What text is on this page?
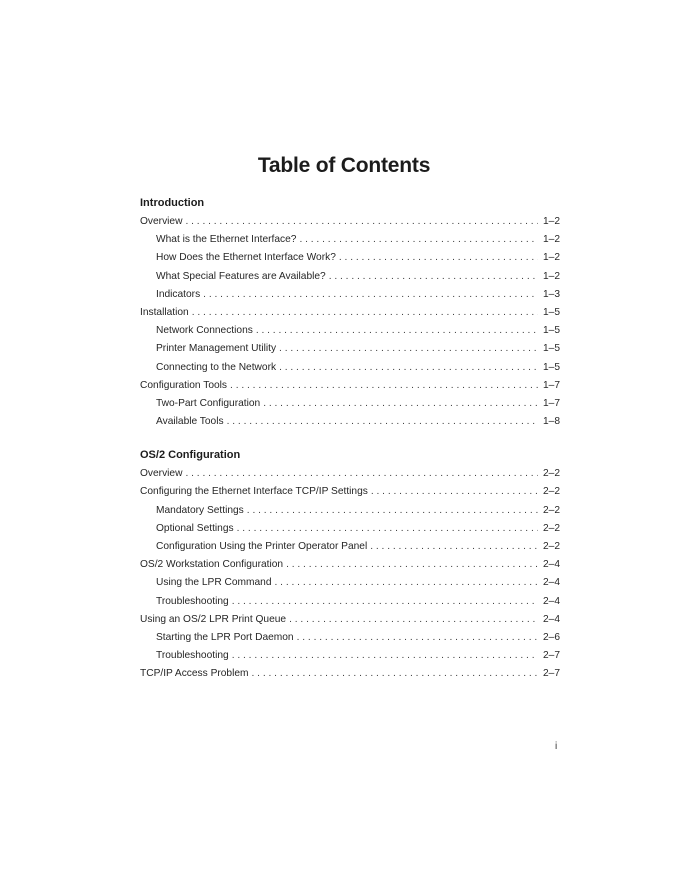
Table of Contents
Introduction
Overview . . .	1–2
What is the Ethernet Interface? . . .	1–2
How Does the Ethernet Interface Work? . . .	1–2
What Special Features are Available? . . .	1–2
Indicators . . .	1–3
Installation . . .	1–5
Network Connections . . .	1–5
Printer Management Utility . . .	1–5
Connecting to the Network . . .	1–5
Configuration Tools . . .	1–7
Two-Part Configuration . . .	1–7
Available Tools . . .	1–8
OS/2 Configuration
Overview . . .	2–2
Configuring the Ethernet Interface TCP/IP Settings . . .	2–2
Mandatory Settings . . .	2–2
Optional Settings . . .	2–2
Configuration Using the Printer Operator Panel . . .	2–2
OS/2 Workstation Configuration . . .	2–4
Using the LPR Command . . .	2–4
Troubleshooting . . .	2–4
Using an OS/2 LPR Print Queue . . .	2–4
Starting the LPR Port Daemon . . .	2–6
Troubleshooting . . .	2–7
TCP/IP Access Problem . . .	2–7
i
